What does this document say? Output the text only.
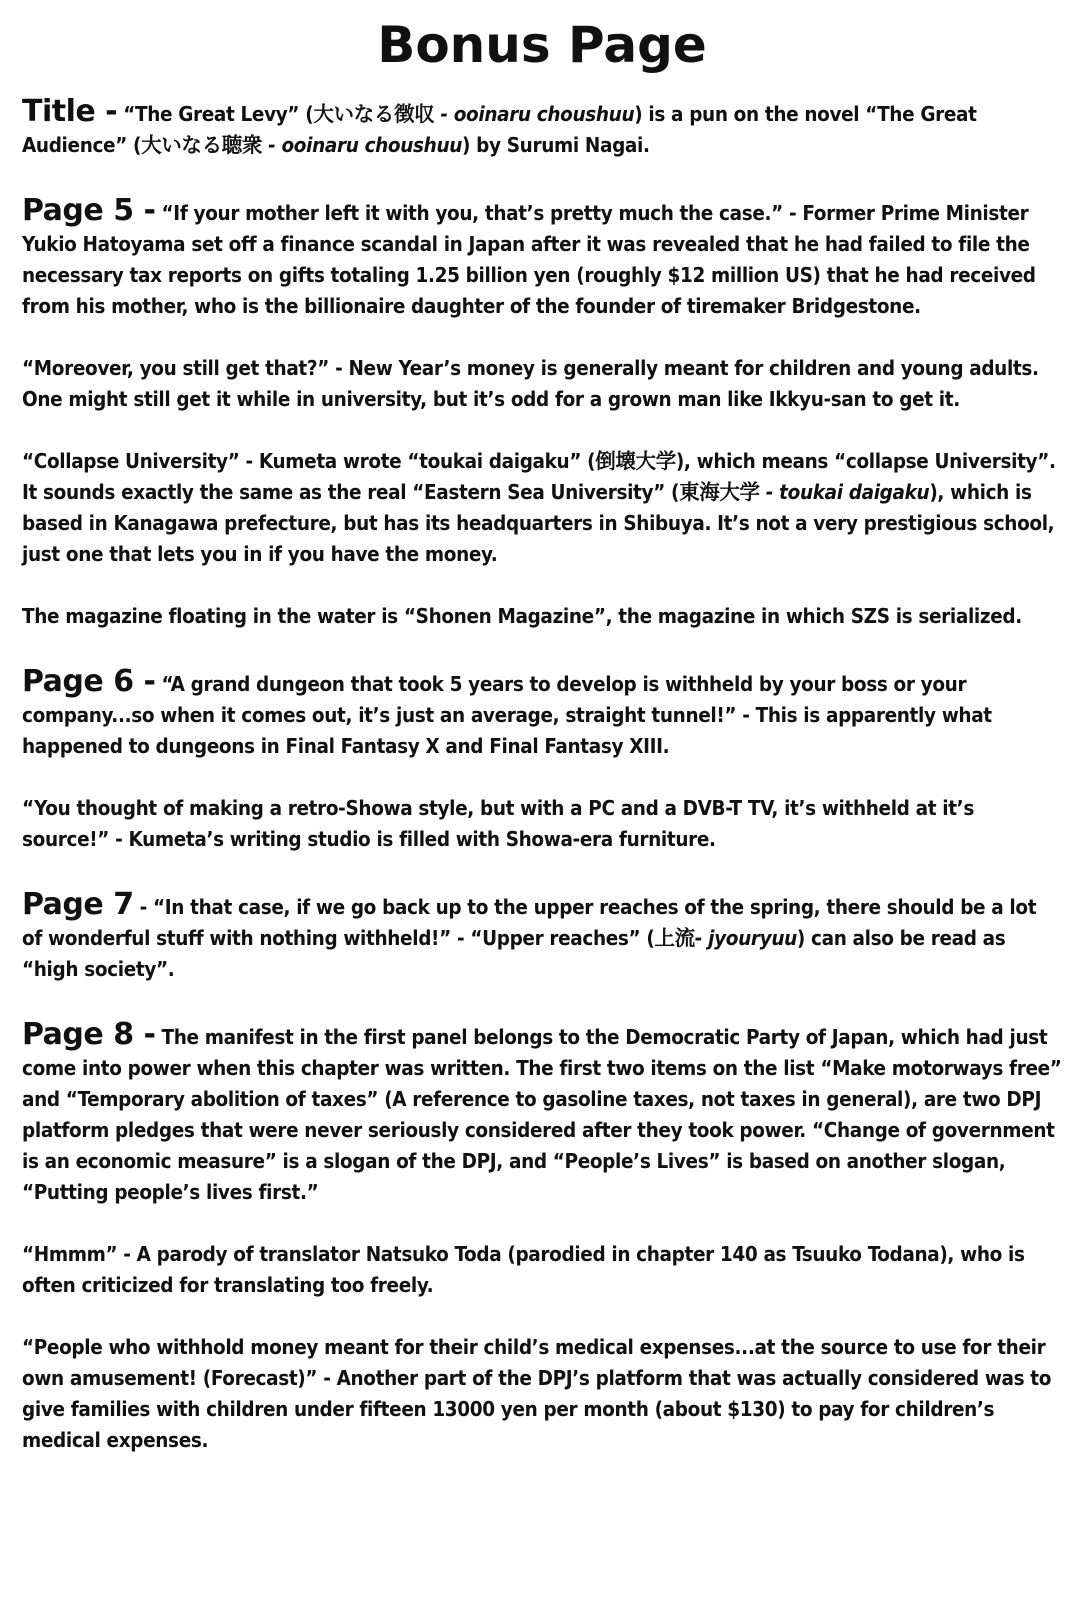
Bonus Page

Title - “The Great Levy” (大いなる徴収 - ooinaru choushuu) is a pun on the novel “The Great Audience” (大いなる聴衆 - ooinaru choushuu) by Surumi Nagai.

Page 5 - “If your mother left it with you, that’s pretty much the case.” - Former Prime Minister Yukio Hatoyama set off a finance scandal in Japan after it was revealed that he had failed to file the necessary tax reports on gifts totaling 1.25 billion yen (roughly $12 million US) that he had received from his mother, who is the billionaire daughter of the founder of tiremaker Bridgestone.

“Moreover, you still get that?” - New Year’s money is generally meant for children and young adults. One might still get it while in university, but it’s odd for a grown man like Ikkyu-san to get it.

“Collapse University” - Kumeta wrote “toukai daigaku” (倒壊大学), which means “collapse University”. It sounds exactly the same as the real “Eastern Sea University” (東海大学 - toukai daigaku), which is based in Kanagawa prefecture, but has its headquarters in Shibuya. It’s not a very prestigious school, just one that lets you in if you have the money.

The magazine floating in the water is “Shonen Magazine”, the magazine in which SZS is serialized.

Page 6 - “A grand dungeon that took 5 years to develop is withheld by your boss or your company...so when it comes out, it’s just an average, straight tunnel!” - This is apparently what happened to dungeons in Final Fantasy X and Final Fantasy XIII.

“You thought of making a retro-Showa style, but with a PC and a DVB-T TV, it’s withheld at it’s source!” - Kumeta’s writing studio is filled with Showa-era furniture.

Page 7 - “In that case, if we go back up to the upper reaches of the spring, there should be a lot of wonderful stuff with nothing withheld!” - “Upper reaches” (上流- jyouryuu) can also be read as “high society”.

Page 8 - The manifest in the first panel belongs to the Democratic Party of Japan, which had just come into power when this chapter was written. The first two items on the list “Make motorways free” and “Temporary abolition of taxes” (A reference to gasoline taxes, not taxes in general), are two DPJ platform pledges that were never seriously considered after they took power. “Change of government is an economic measure” is a slogan of the DPJ, and “People’s Lives” is based on another slogan, “Putting people’s lives first.”

“Hmmm” - A parody of translator Natsuko Toda (parodied in chapter 140 as Tsuuko Todana), who is often criticized for translating too freely.

“People who withhold money meant for their child’s medical expenses...at the source to use for their own amusement! (Forecast)” - Another part of the DPJ’s platform that was actually considered was to give families with children under fifteen 13000 yen per month (about $130) to pay for children’s medical expenses.
